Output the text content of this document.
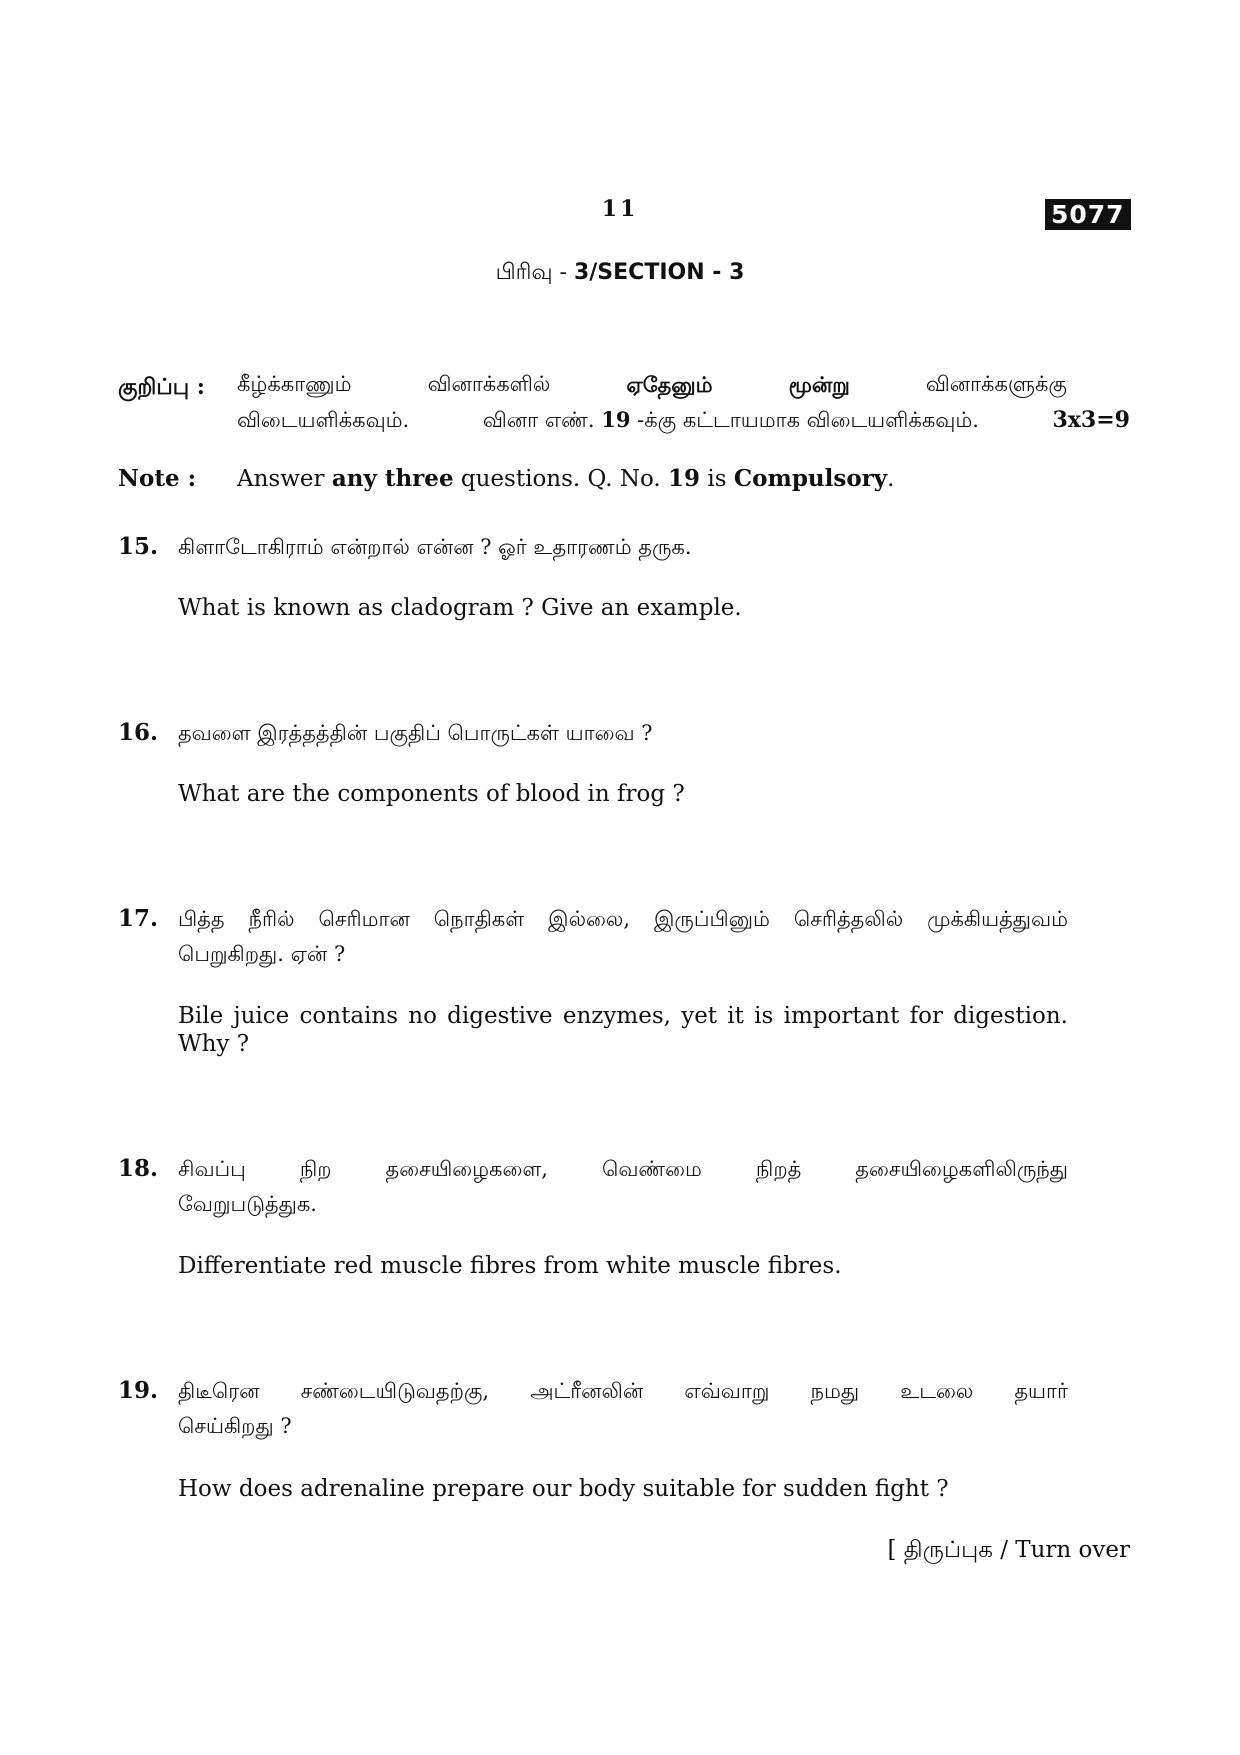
11	5077
பிரிவு - 3/SECTION - 3
குறிப்பு : கீழ்க்காணும்	வினாக்களில்	ஏதேனும்	மூன்று	வினாக்களுக்கு
விடையளிக்கவும்.	வினா எண். 19 -க்கு கட்டாயமாக விடையளிக்கவும்.	3x3=9
Note : Answer any three questions. Q. No. 19 is Compulsory.
15. கிளாடோகிராம் என்றால் என்ன ? ஓர் உதாரணம் தருக.
What is known as cladogram ? Give an example.
16. தவளை இரத்தத்தின் பகுதிப் பொருட்கள் யாவை ?
What are the components of blood in frog ?
17. பித்த நீரில் செரிமான நொதிகள் இல்லை, இருப்பினும் செரித்தலில் முக்கியத்துவம்
பெறுகிறது. ஏன் ?
Bile juice contains no digestive enzymes, yet it is important for digestion.
Why ?
18. சிவப்பு நிற தசையிழைகளை, வெண்மை நிறத் தசையிழைகளிலிருந்து
வேறுபடுத்துக.
Differentiate red muscle fibres from white muscle fibres.
19. திடீரென சண்டையிடுவதற்கு, அட்ரீனலின் எவ்வாறு நமது உடலை தயார்
செய்கிறது ?
How does adrenaline prepare our body suitable for sudden fight ?
[ திருப்புக / Turn over
